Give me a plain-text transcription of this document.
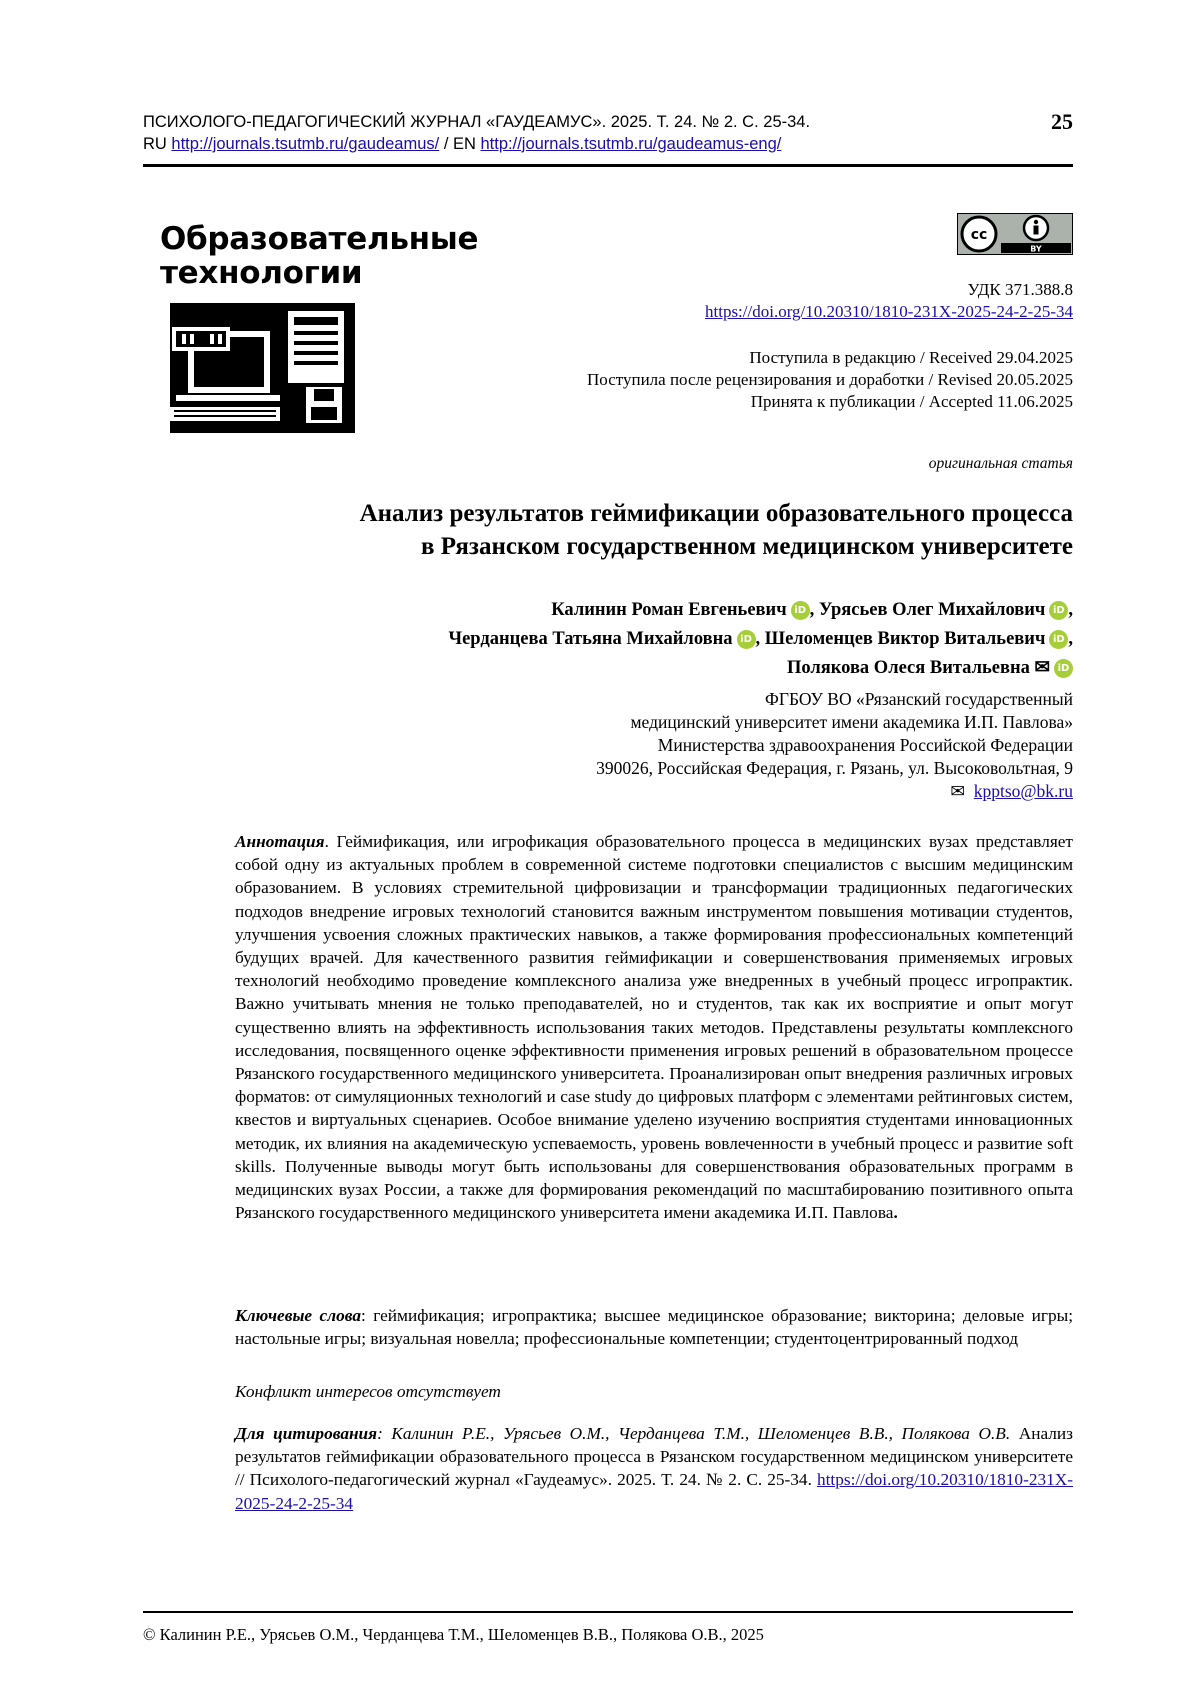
ПСИХОЛОГО-ПЕДАГОГИЧЕСКИЙ ЖУРНАЛ «ГАУДЕАМУС». 2025. Т. 24. № 2. С. 25-34.
RU http://journals.tsutmb.ru/gaudeamus/ / EN http://journals.tsutmb.ru/gaudeamus-eng/
25
Образовательные
технологии
cc
BY
УДК 371.388.8
https://doi.org/10.20310/1810-231X-2025-24-2-25-34
Поступила в редакцию / Received 29.04.2025
Поступила после рецензирования и доработки / Revised 20.05.2025
Принята к публикации / Accepted 11.06.2025
оригинальная статья
Анализ результатов геймификации образовательного процесса
в Рязанском государственном медицинском университете
Калинин Роман Евгеньевич iD , Урясьев Олег Михайлович iD ,
Черданцева Татьяна Михайловна iD , Шеломенцев Виктор Витальевич iD ,
Полякова Олеся Витальевна ✉ iD
ФГБОУ ВО «Рязанский государственный
медицинский университет имени академика И.П. Павлова»
Министерства здравоохранения Российской Федерации
390026, Российская Федерация, г. Рязань, ул. Высоковольтная, 9
✉ kpptso@bk.ru
Аннотация. Геймификация, или игрофикация образовательного процесса в медицинских вузах представляет собой одну из актуальных проблем в современной системе подготовки специалистов с высшим медицинским образованием. В условиях стремительной цифровизации и трансформации традиционных педагогических подходов внедрение игровых технологий становится важным инструментом повышения мотивации студентов, улучшения усвоения сложных практических навыков, а также формирования профессиональных компетенций будущих врачей. Для качественного развития геймификации и совершенствования применяемых игровых технологий необходимо проведение комплексного анализа уже внедренных в учебный процесс игропрактик. Важно учитывать мнения не только преподавателей, но и студентов, так как их восприятие и опыт могут существенно влиять на эффективность использования таких методов. Представлены результаты комплексного исследования, посвященного оценке эффективности применения игровых решений в образовательном процессе Рязанского государственного медицинского университета. Проанализирован опыт внедрения различных игровых форматов: от симуляционных технологий и case study до цифровых платформ с элементами рейтинговых систем, квестов и виртуальных сценариев. Особое внимание уделено изучению восприятия студентами инновационных методик, их влияния на академическую успеваемость, уровень вовлеченности в учебный процесс и развитие soft skills. Полученные выводы могут быть использованы для совершенствования образовательных программ в медицинских вузах России, а также для формирования рекомендаций по масштабированию позитивного опыта Рязанского государственного медицинского университета имени академика И.П. Павлова.
Ключевые слова: геймификация; игропрактика; высшее медицинское образование; викторина; деловые игры; настольные игры; визуальная новелла; профессиональные компетенции; студентоцентрированный подход
Конфликт интересов отсутствует
Для цитирования: Калинин Р.Е., Урясьев О.М., Черданцева Т.М., Шеломенцев В.В., Полякова О.В. Анализ результатов геймификации образовательного процесса в Рязанском государственном медицинском университете // Психолого-педагогический журнал «Гаудеамус». 2025. Т. 24. № 2. С. 25-34. https://doi.org/10.20310/1810-231X-2025-24-2-25-34
© Калинин Р.Е., Урясьев О.М., Черданцева Т.М., Шеломенцев В.В., Полякова О.В., 2025
